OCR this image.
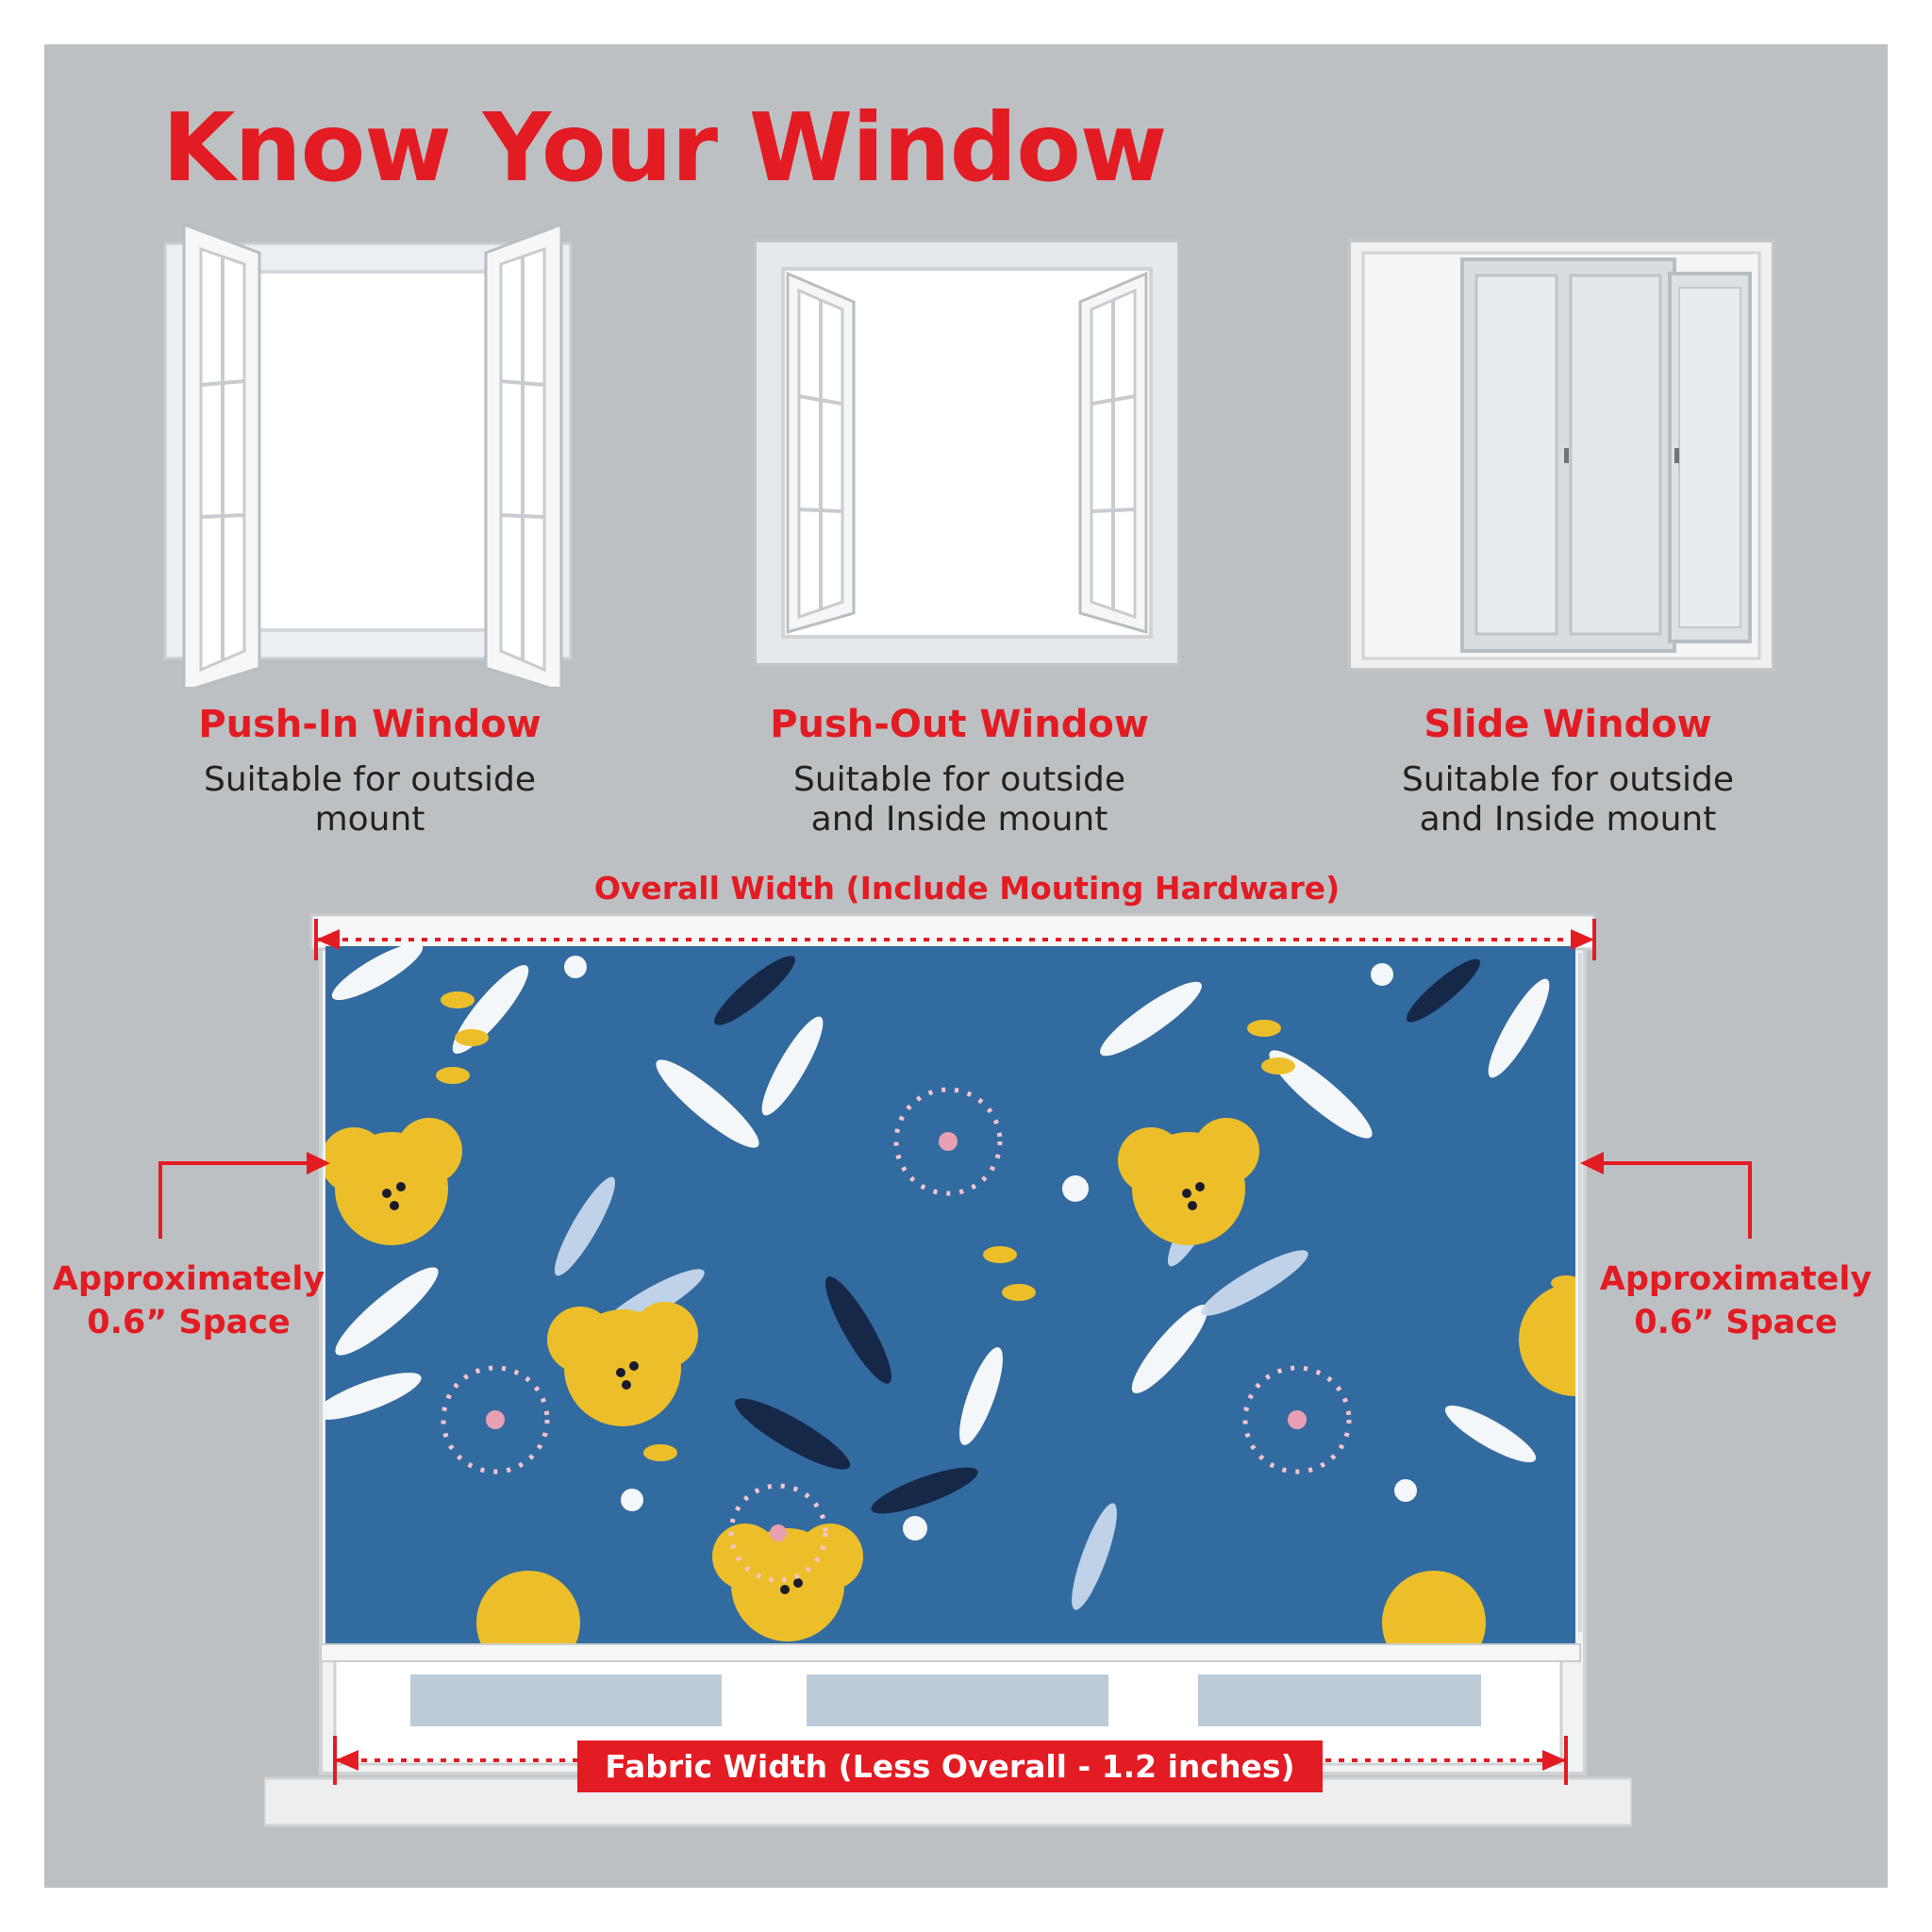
Know Your Window
Push-In Window
Suitable for outside
mount
Push-Out Window
Suitable for outside
and Inside mount
Slide Window
Suitable for outside
and Inside mount
Overall Width (Include Mouting Hardware)
Approximately
0.6” Space
Approximately
0.6” Space
Fabric Width (Less Overall - 1.2 inches)
